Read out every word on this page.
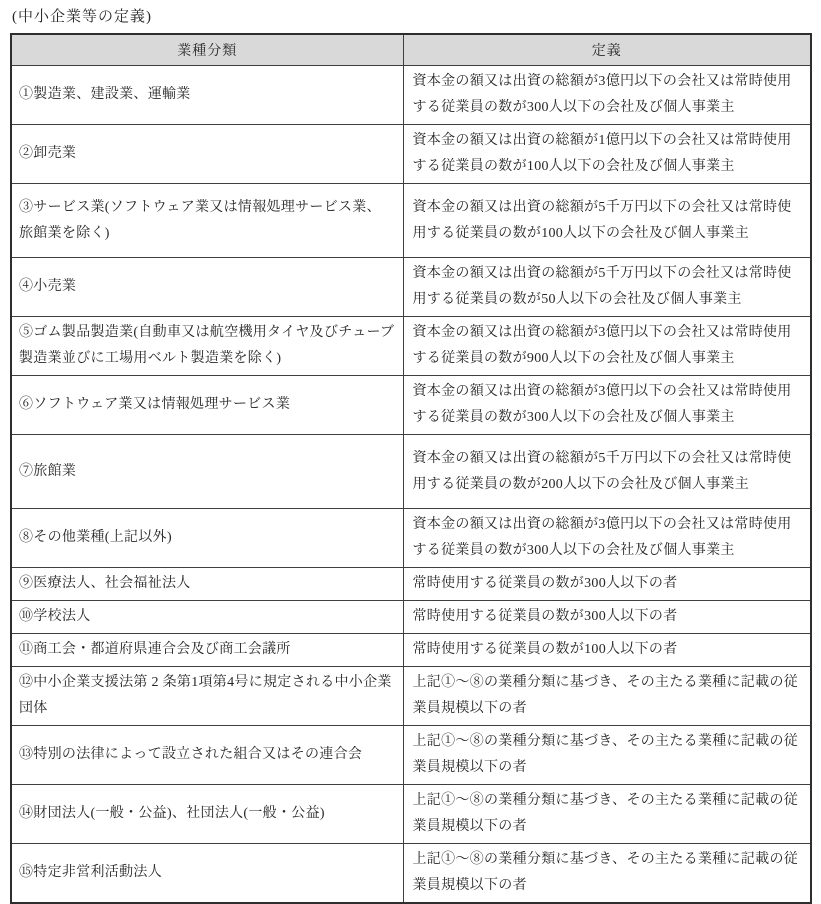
(中小企業等の定義)
業種分類	定義
①製造業、建設業、運輸業	資本金の額又は出資の総額が3億円以下の会社又は常時使用する従業員の数が300人以下の会社及び個人事業主
②卸売業	資本金の額又は出資の総額が1億円以下の会社又は常時使用する従業員の数が100人以下の会社及び個人事業主
③サービス業(ソフトウェア業又は情報処理サービス業、旅館業を除く)	資本金の額又は出資の総額が5千万円以下の会社又は常時使用する従業員の数が100人以下の会社及び個人事業主
④小売業	資本金の額又は出資の総額が5千万円以下の会社又は常時使用する従業員の数が50人以下の会社及び個人事業主
⑤ゴム製品製造業(自動車又は航空機用タイヤ及びチューブ製造業並びに工場用ベルト製造業を除く)	資本金の額又は出資の総額が3億円以下の会社又は常時使用する従業員の数が900人以下の会社及び個人事業主
⑥ソフトウェア業又は情報処理サービス業	資本金の額又は出資の総額が3億円以下の会社又は常時使用する従業員の数が300人以下の会社及び個人事業主
⑦旅館業	資本金の額又は出資の総額が5千万円以下の会社又は常時使用する従業員の数が200人以下の会社及び個人事業主
⑧その他業種(上記以外)	資本金の額又は出資の総額が3億円以下の会社又は常時使用する従業員の数が300人以下の会社及び個人事業主
⑨医療法人、社会福祉法人	常時使用する従業員の数が300人以下の者
⑩学校法人	常時使用する従業員の数が300人以下の者
⑪商工会・都道府県連合会及び商工会議所	常時使用する従業員の数が100人以下の者
⑫中小企業支援法第 2 条第1項第4号に規定される中小企業団体	上記①～⑧の業種分類に基づき、その主たる業種に記載の従業員規模以下の者
⑬特別の法律によって設立された組合又はその連合会	上記①～⑧の業種分類に基づき、その主たる業種に記載の従業員規模以下の者
⑭財団法人(一般・公益)、社団法人(一般・公益)	上記①～⑧の業種分類に基づき、その主たる業種に記載の従業員規模以下の者
⑮特定非営利活動法人	上記①～⑧の業種分類に基づき、その主たる業種に記載の従業員規模以下の者
